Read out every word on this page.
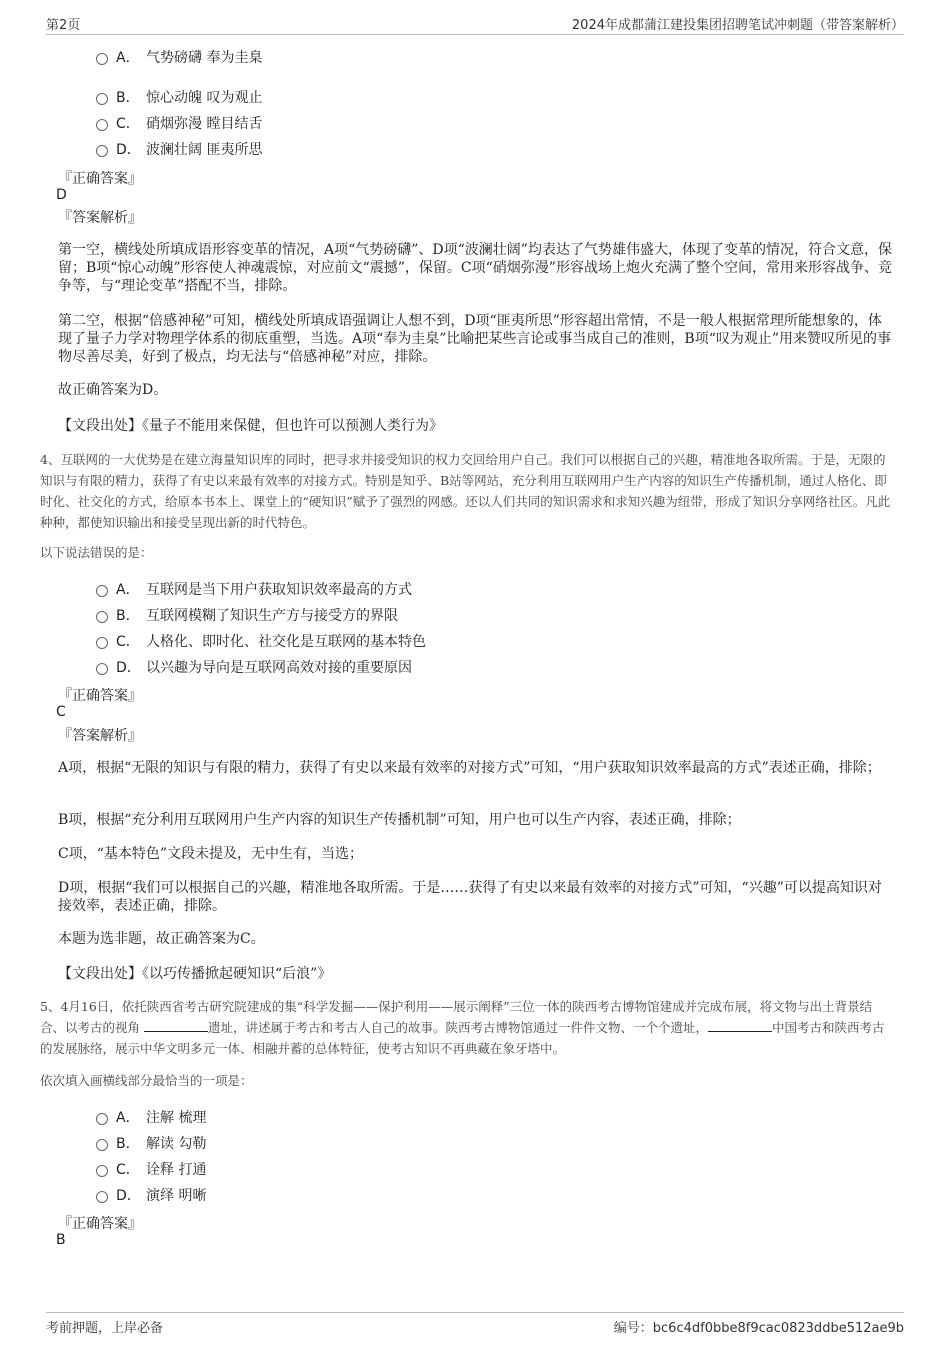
第2页	2024年成都蒲江建投集团招聘笔试冲刺题（带答案解析）
A． 气势磅礴 奉为圭臬
B． 惊心动魄 叹为观止
C． 硝烟弥漫 瞠目结舌
D． 波澜壮阔 匪夷所思
『正确答案』
D
『答案解析』
第一空，横线处所填成语形容变革的情况，A项“气势磅礴”、D项“波澜壮阔”均表达了气势雄伟盛大，体现了变革的情况，符合文意，保留；B项“惊心动魄”形容使人神魂震惊，对应前文“震撼”，保留。C项“硝烟弥漫”形容战场上炮火充满了整个空间，常用来形容战争、竞争等，与“理论变革”搭配不当，排除。
第二空，根据“倍感神秘”可知，横线处所填成语强调让人想不到，D项“匪夷所思”形容超出常情，不是一般人根据常理所能想象的，体现了量子力学对物理学体系的彻底重塑，当选。A项“奉为圭臬”比喻把某些言论或事当成自己的准则，B项“叹为观止”用来赞叹所见的事物尽善尽美，好到了极点，均无法与“倍感神秘”对应，排除。
故正确答案为D。
【文段出处】《量子不能用来保健，但也许可以预测人类行为》
4、互联网的一大优势是在建立海量知识库的同时，把寻求并接受知识的权力交回给用户自己。我们可以根据自己的兴趣，精准地各取所需。于是，无限的知识与有限的精力，获得了有史以来最有效率的对接方式。特别是知乎、B站等网站，充分利用互联网用户生产内容的知识生产传播机制，通过人格化、即时化、社交化的方式，给原本书本上、课堂上的“硬知识”赋予了强烈的网感。还以人们共同的知识需求和求知兴趣为纽带，形成了知识分享网络社区。凡此种种，都使知识输出和接受呈现出新的时代特色。
以下说法错误的是：
A． 互联网是当下用户获取知识效率最高的方式
B． 互联网模糊了知识生产方与接受方的界限
C． 人格化、即时化、社交化是互联网的基本特色
D． 以兴趣为导向是互联网高效对接的重要原因
『正确答案』
C
『答案解析』
A项，根据“无限的知识与有限的精力，获得了有史以来最有效率的对接方式”可知，“用户获取知识效率最高的方式”表述正确，排除；
B项，根据“充分利用互联网用户生产内容的知识生产传播机制”可知，用户也可以生产内容，表述正确，排除；
C项，“基本特色”文段未提及，无中生有，当选；
D项，根据“我们可以根据自己的兴趣，精准地各取所需。于是……获得了有史以来最有效率的对接方式”可知，“兴趣”可以提高知识对接效率，表述正确，排除。
本题为选非题，故正确答案为C。
【文段出处】《以巧传播掀起硬知识“后浪”》
5、4月16日，依托陕西省考古研究院建成的集“科学发掘——保护利用——展示阐释”三位一体的陕西考古博物馆建成并完成布展，将文物与出土背景结合、以考古的视角	遗址，讲述属于考古和考古人自己的故事。陕西考古博物馆通过一件件文物、一个个遗址，	中国考古和陕西考古的发展脉络，展示中华文明多元一体、相融并蓄的总体特征，使考古知识不再典藏在象牙塔中。
依次填入画横线部分最恰当的一项是：
A． 注解 梳理
B． 解读 勾勒
C． 诠释 打通
D． 演绎 明晰
『正确答案』
B
考前押题，上岸必备	编号：bc6c4df0bbe8f9cac0823ddbe512ae9b
